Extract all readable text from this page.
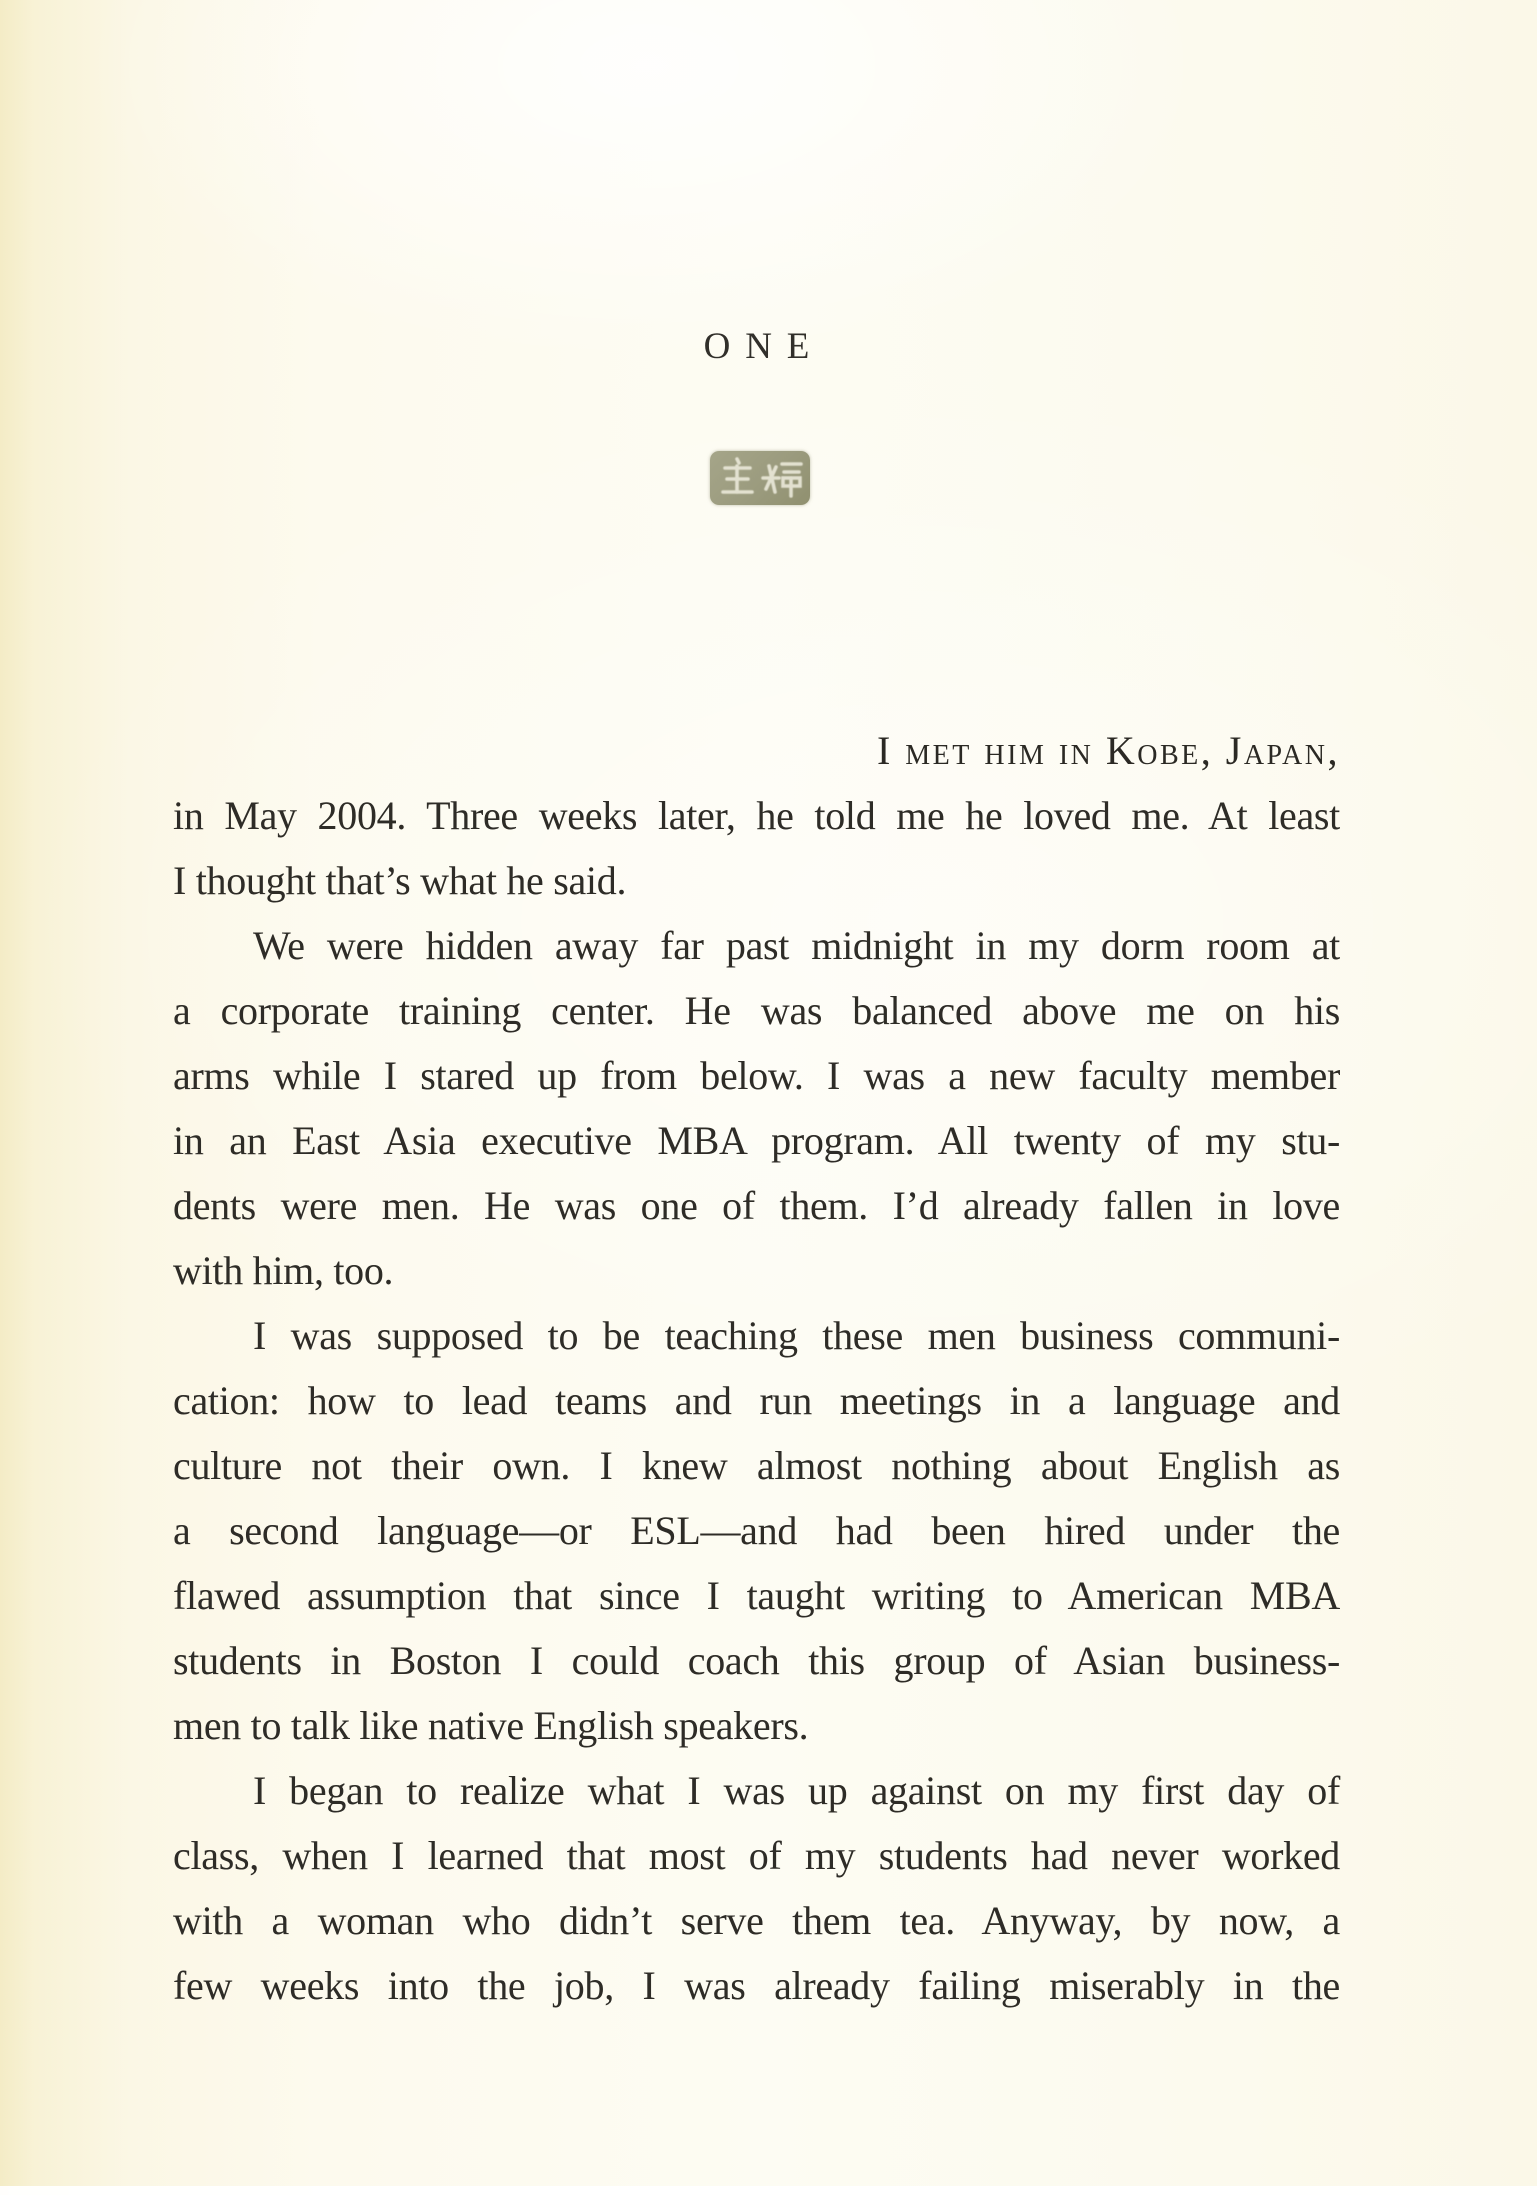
ONE
I met him in Kobe, Japan,
in May 2004. Three weeks later, he told me he loved me. At least
I thought that’s what he said.
We were hidden away far past midnight in my dorm room at
a corporate training center. He was balanced above me on his
arms while I stared up from below. I was a new faculty member
in an East Asia executive MBA program. All twenty of my stu-
dents were men. He was one of them. I’d already fallen in love
with him, too.
I was supposed to be teaching these men business communi-
cation: how to lead teams and run meetings in a language and
culture not their own. I knew almost nothing about English as
a second language—or ESL—and had been hired under the
flawed assumption that since I taught writing to American MBA
students in Boston I could coach this group of Asian business-
men to talk like native English speakers.
I began to realize what I was up against on my first day of
class, when I learned that most of my students had never worked
with a woman who didn’t serve them tea. Anyway, by now, a
few weeks into the job, I was already failing miserably in the
